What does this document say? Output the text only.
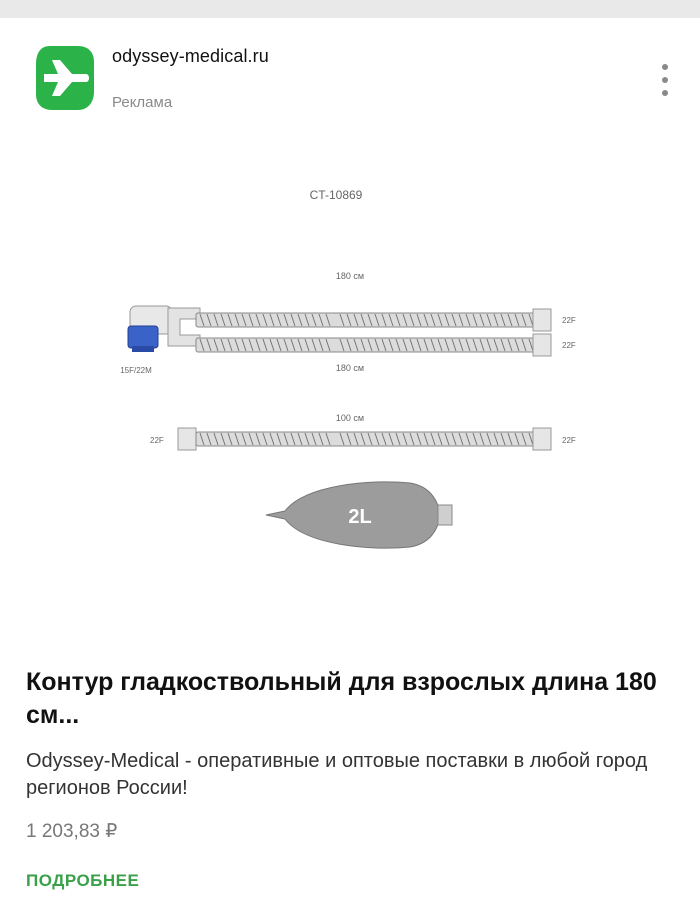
odyssey-medical.ru
Реклама
CT-10869
180 см
15F/22M
22F
22F
180 см
100 см
22F	22F
2L
Контур гладкоствольный для взрослых длина 180 см...
Odyssey-Medical - оперативные и оптовые поставки в любой город регионов России!
1 203,83 ₽
ПОДРОБНЕЕ
